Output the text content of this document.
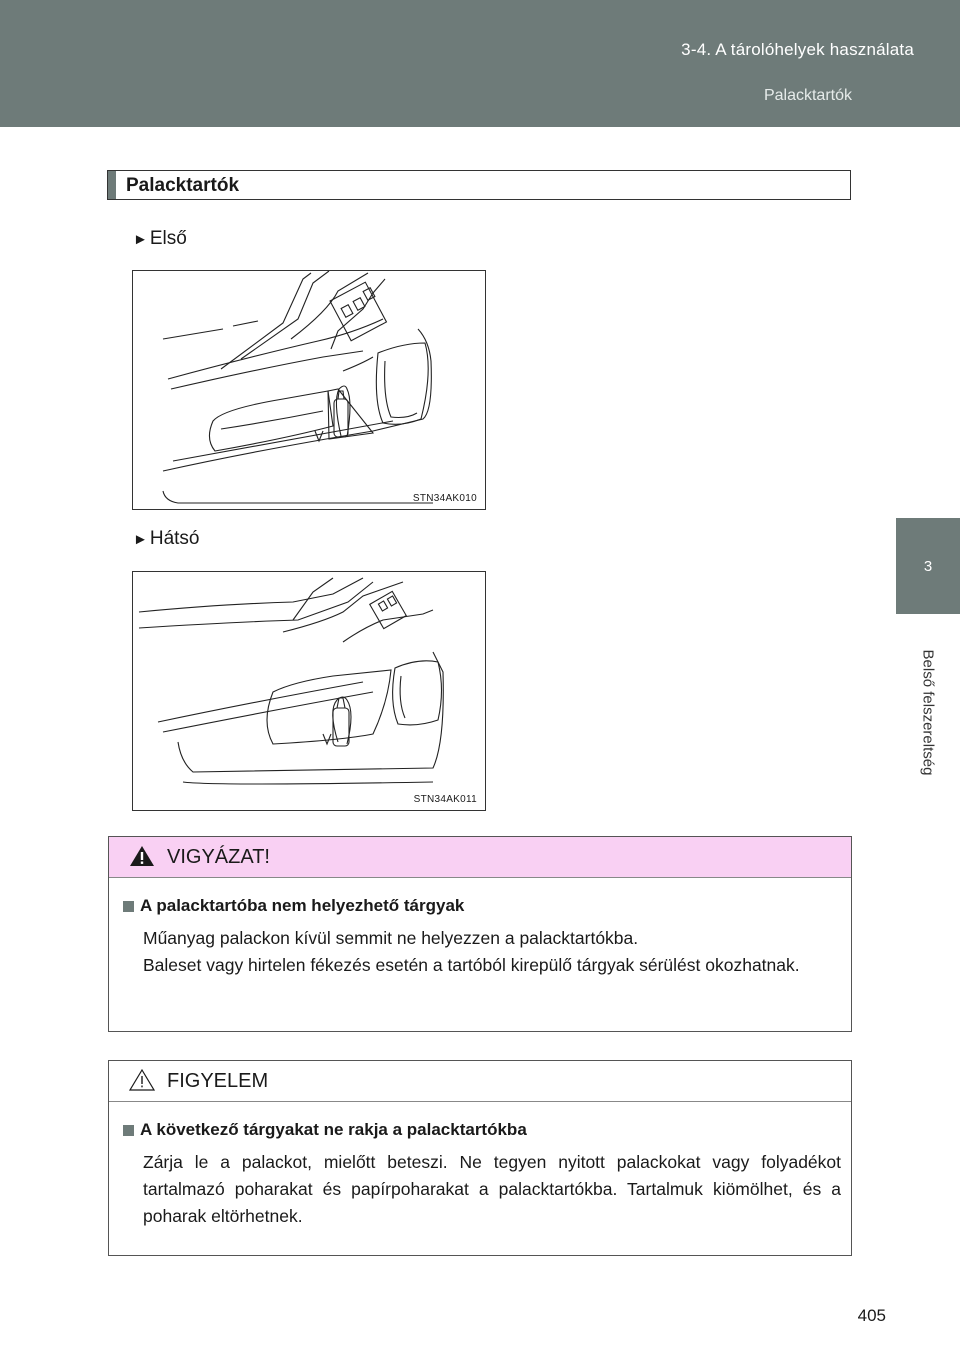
3-4. A tárolóhelyek használata
Palacktartók
3
Belső felszereltség
Palacktartók
► Első
STN34AK010
► Hátsó
STN34AK011
VIGYÁZAT!
A palacktartóba nem helyezhető tárgyak
Műanyag palackon kívül semmit ne helyezzen a palacktartókba.
Baleset vagy hirtelen fékezés esetén a tartóból kirepülő tárgyak sérülést okozhatnak.
FIGYELEM
A következő tárgyakat ne rakja a palacktartókba
Zárja le a palackot, mielőtt beteszi. Ne tegyen nyitott palackokat vagy folyadékot tartalmazó poharakat és papírpoharakat a palacktartókba. Tartalmuk kiömölhet, és a poharak eltörhetnek.
405
